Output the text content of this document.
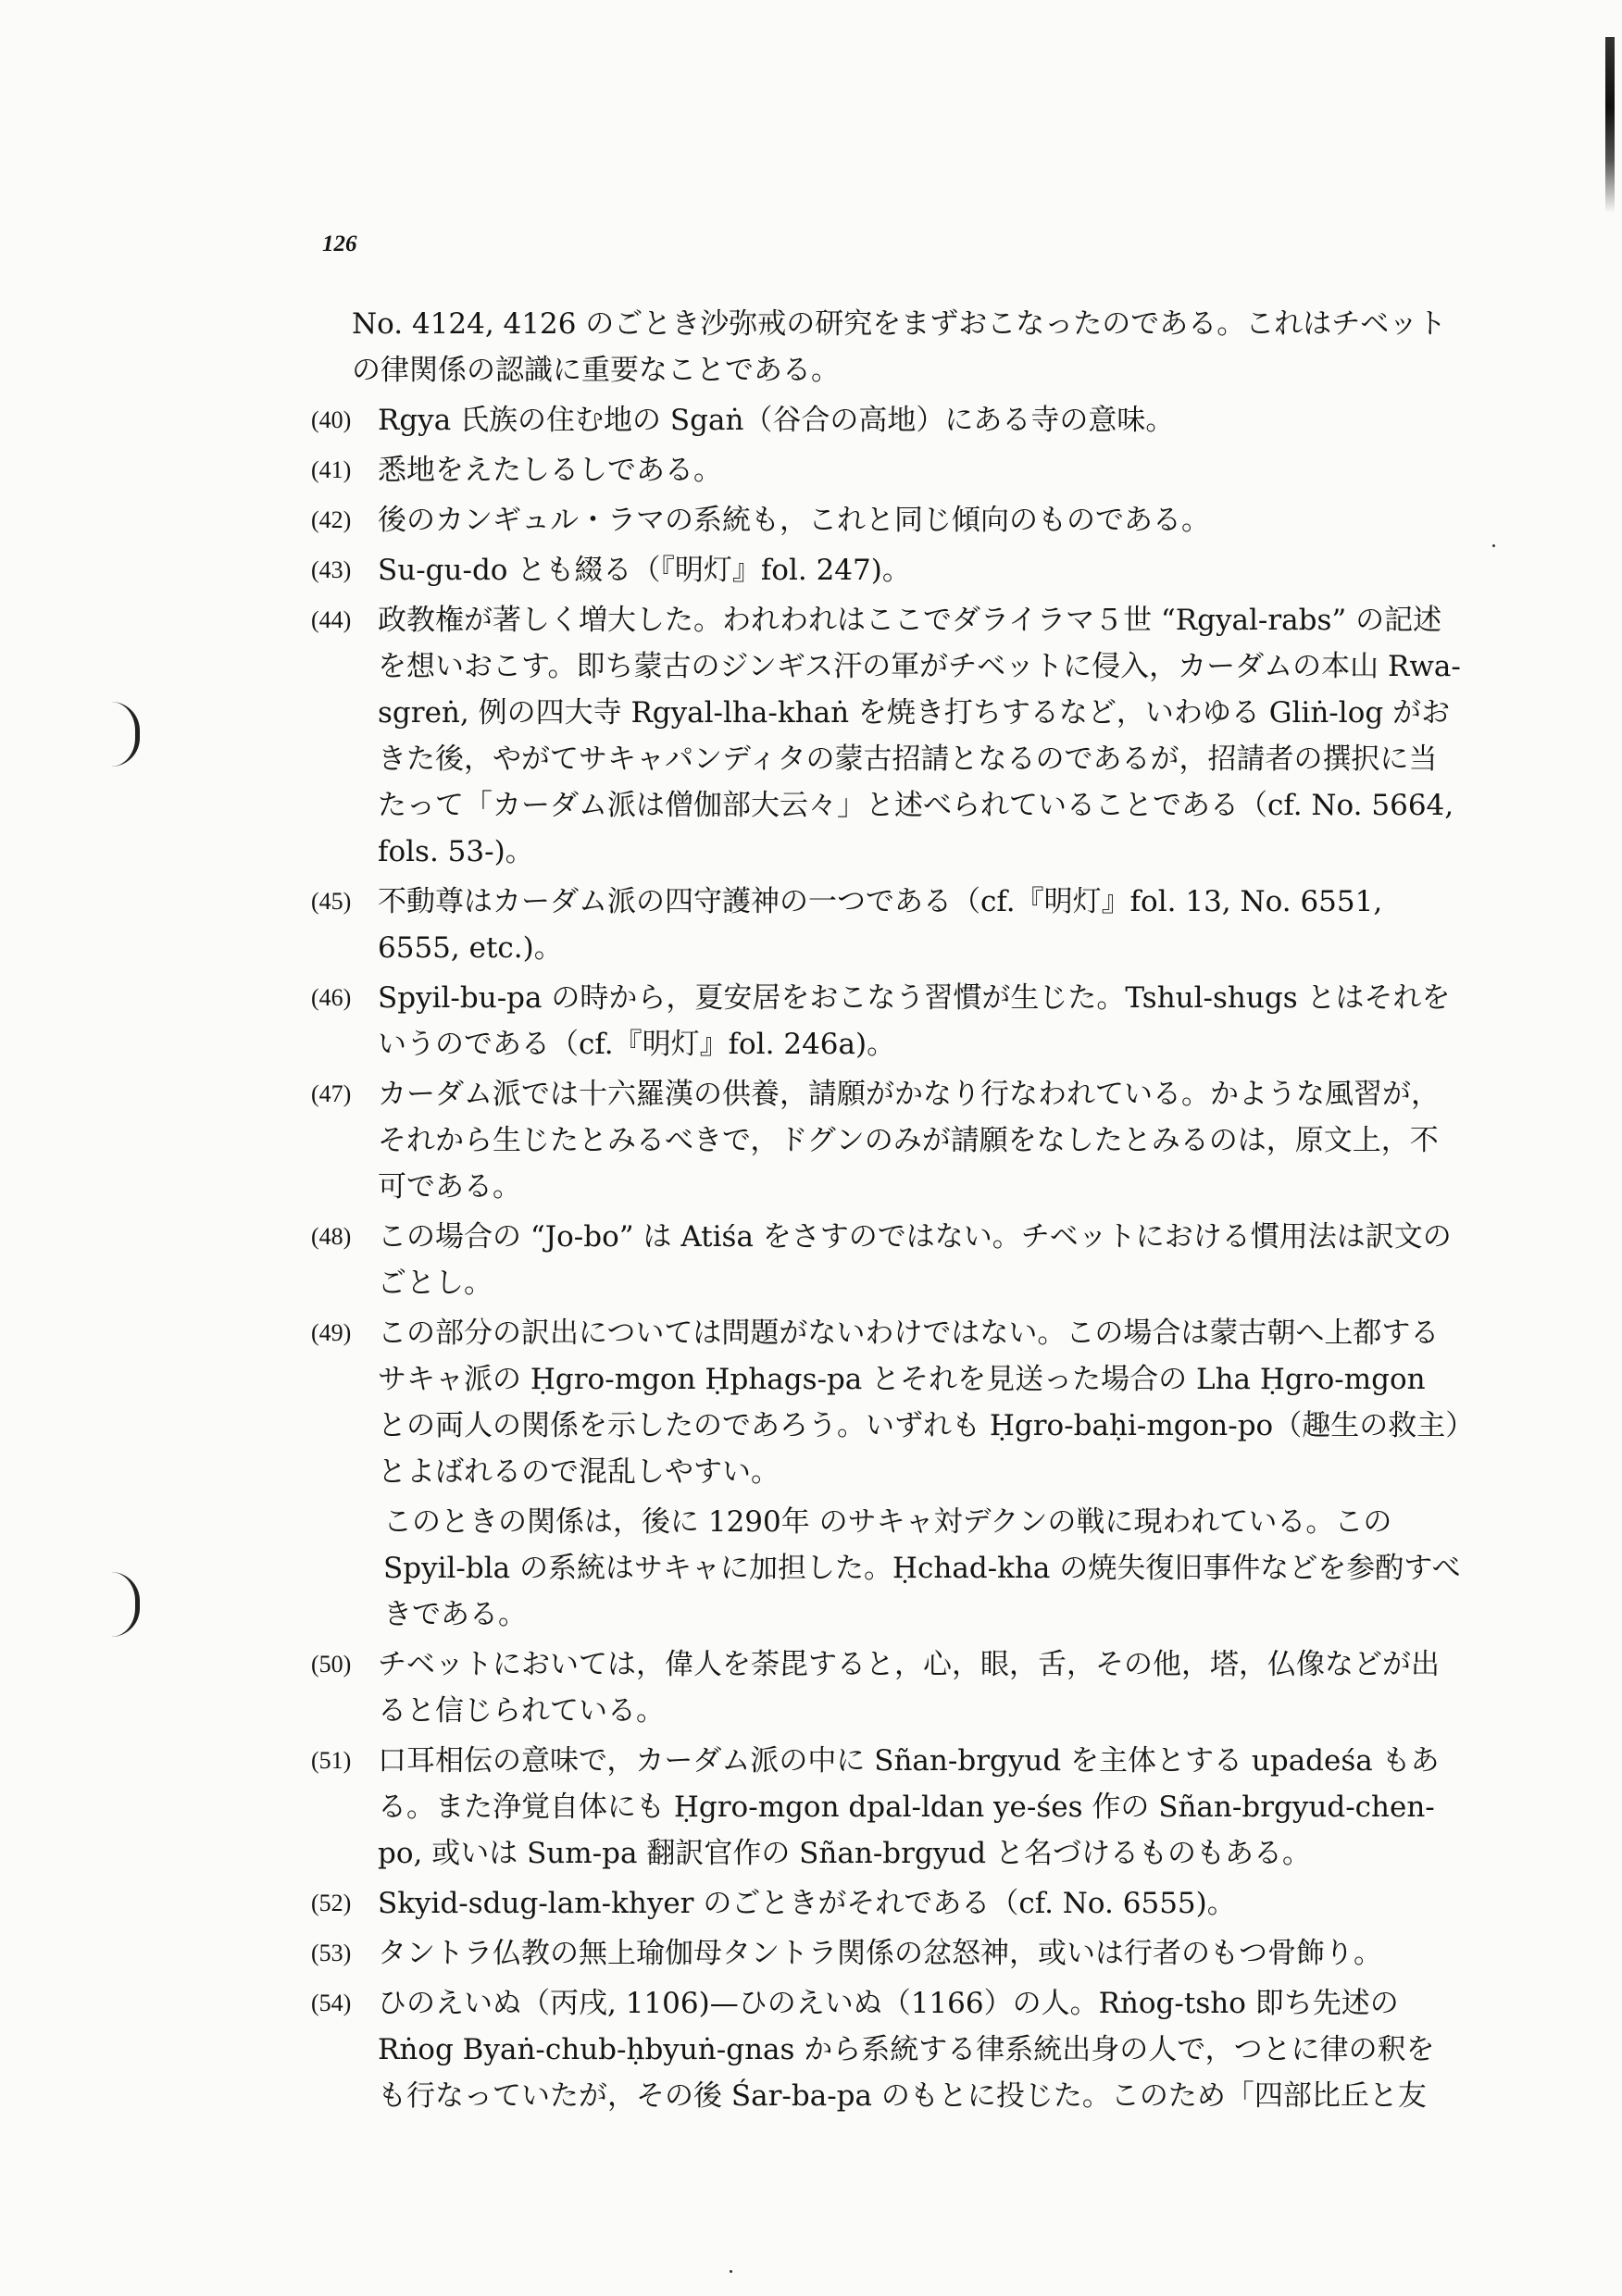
126
No. 4124, 4126 のごとき沙弥戒の研究をまずおこなったのである。これはチベットの律関係の認識に重要なことである。
(40) Rgya 氏族の住む地の Sgaṅ（谷合の高地）にある寺の意味。
(41) 悉地をえたしるしである。
(42) 後のカンギュル・ラマの系統も，これと同じ傾向のものである。
(43) Su-gu-do とも綴る（『明灯』fol. 247)。
(44) 政教権が著しく増大した。われわれはここでダライラマ５世 “Rgyal-rabs” の記述を想いおこす。即ち蒙古のジンギス汗の軍がチベットに侵入，カーダムの本山 Rwa-sgreṅ, 例の四大寺 Rgyal-lha-khaṅ を焼き打ちするなど，いわゆる Gliṅ-log がおきた後，やがてサキャパンディタの蒙古招請となるのであるが，招請者の撰択に当たって「カーダム派は僧伽部大云々」と述べられていることである（cf. No. 5664, fols. 53-)。
(45) 不動尊はカーダム派の四守護神の一つである（cf.『明灯』fol. 13, No. 6551, 6555, etc.)。
(46) Spyil-bu-pa の時から，夏安居をおこなう習慣が生じた。Tshul-shugs とはそれをいうのである（cf.『明灯』fol. 246a)。
(47) カーダム派では十六羅漢の供養，請願がかなり行なわれている。かような風習が，それから生じたとみるべきで，ドグンのみが請願をなしたとみるのは，原文上，不可である。
(48) この場合の “Jo-bo” は Atiśa をさすのではない。チベットにおける慣用法は訳文のごとし。
(49) この部分の訳出については問題がないわけではない。この場合は蒙古朝へ上都するサキャ派の Ḥgro-mgon Ḥphags-pa とそれを見送った場合の Lha Ḥgro-mgon との両人の関係を示したのであろう。いずれも Ḥgro-baḥi-mgon-po（趣生の救主）とよばれるので混乱しやすい。
このときの関係は，後に 1290年 のサキャ対デクンの戦に現われている。この Spyil-bla の系統はサキャに加担した。Ḥchad-kha の焼失復旧事件などを参酌すべきである。
(50) チベットにおいては，偉人を荼毘すると，心，眼，舌，その他，塔，仏像などが出ると信じられている。
(51) 口耳相伝の意味で，カーダム派の中に Sñan-brgyud を主体とする upadeśa もある。また浄覚自体にも Ḥgro-mgon dpal-ldan ye-śes 作の Sñan-brgyud-chen-po, 或いは Sum-pa 翻訳官作の Sñan-brgyud と名づけるものもある。
(52) Skyid-sdug-lam-khyer のごときがそれである（cf. No. 6555)。
(53) タントラ仏教の無上瑜伽母タントラ関係の忿怒神，或いは行者のもつ骨飾り。
(54) ひのえいぬ（丙戌, 1106)—ひのえいぬ（1166）の人。Rṅog-tsho 即ち先述の Rṅog Byaṅ-chub-ḥbyuṅ-gnas から系統する律系統出身の人で，つとに律の釈をも行なっていたが，その後 Śar-ba-pa のもとに投じた。このため「四部比丘と友
